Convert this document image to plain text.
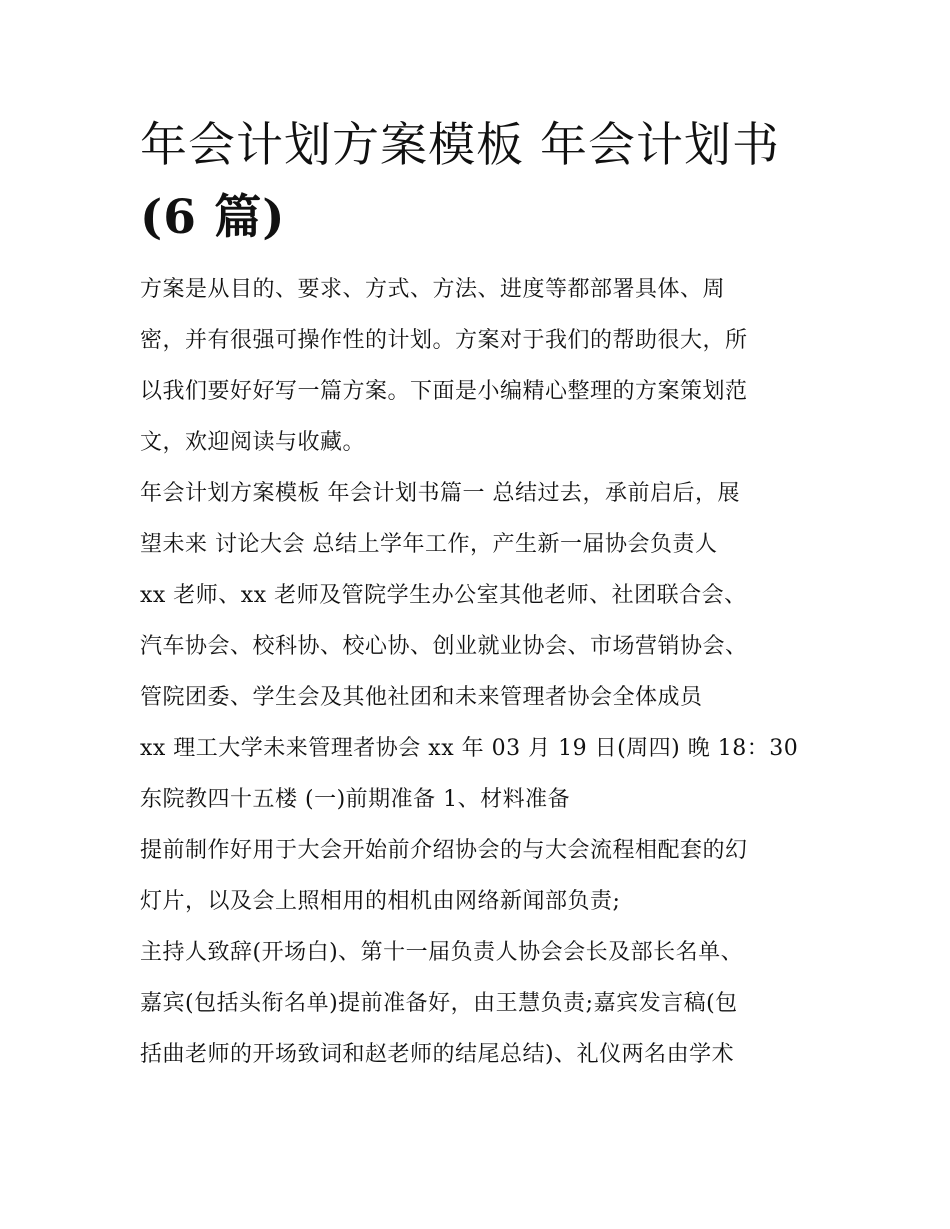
年会计划方案模板 年会计划书
(6 篇)
方案是从目的、要求、方式、方法、进度等都部署具体、周
密，并有很强可操作性的计划。方案对于我们的帮助很大，所
以我们要好好写一篇方案。下面是小编精心整理的方案策划范
文，欢迎阅读与收藏。
年会计划方案模板 年会计划书篇一 总结过去，承前启后，展
望未来 讨论大会 总结上学年工作，产生新一届协会负责人
xx 老师、xx 老师及管院学生办公室其他老师、社团联合会、
汽车协会、校科协、校心协、创业就业协会、市场营销协会、
管院团委、学生会及其他社团和未来管理者协会全体成员
xx 理工大学未来管理者协会 xx 年 03 月 19 日(周四) 晚 18：30
东院教四十五楼 (一)前期准备 1、材料准备
提前制作好用于大会开始前介绍协会的与大会流程相配套的幻
灯片，以及会上照相用的相机由网络新闻部负责;
主持人致辞(开场白)、第十一届负责人协会会长及部长名单、
嘉宾(包括头衔名单)提前准备好，由王慧负责;嘉宾发言稿(包
括曲老师的开场致词和赵老师的结尾总结)、礼仪两名由学术
